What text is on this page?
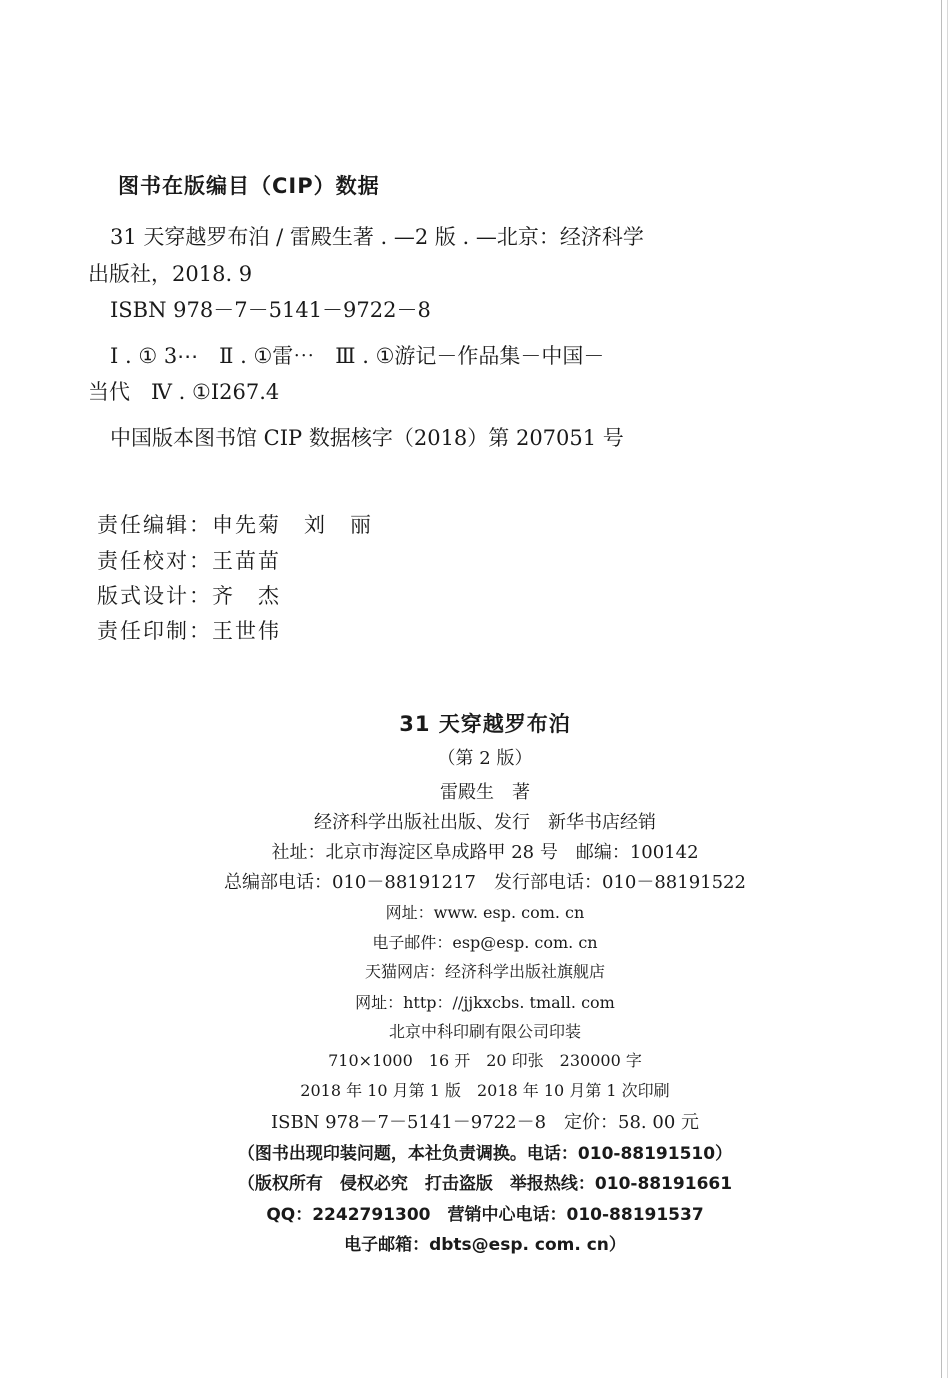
图书在版编目（CIP）数据
31 天穿越罗布泊 / 雷殿生著 . —2 版 . —北京：经济科学
出版社，2018. 9
ISBN 978－7－5141－9722－8
Ⅰ . ① 3⋯　Ⅱ . ①雷⋯　Ⅲ . ①游记－作品集－中国－
当代　Ⅳ . ①I267.4
中国版本图书馆 CIP 数据核字（2018）第 207051 号
责任编辑：申先菊　刘　丽
责任校对：王苗苗
版式设计：齐　杰
责任印制：王世伟
31 天穿越罗布泊
（第 2 版）
雷殿生　著
经济科学出版社出版、发行　新华书店经销
社址：北京市海淀区阜成路甲 28 号　邮编：100142
总编部电话：010－88191217　发行部电话：010－88191522
网址：www. esp. com. cn
电子邮件：esp@esp. com. cn
天猫网店：经济科学出版社旗舰店
网址：http：//jjkxcbs. tmall. com
北京中科印刷有限公司印装
710×1000　16 开　20 印张　230000 字
2018 年 10 月第 1 版　2018 年 10 月第 1 次印刷
ISBN 978－7－5141－9722－8　定价：58. 00 元
（图书出现印装问题，本社负责调换。电话：010-88191510）
（版权所有　侵权必究　打击盗版　举报热线：010-88191661
QQ：2242791300　营销中心电话：010-88191537
电子邮箱：dbts@esp. com. cn）
